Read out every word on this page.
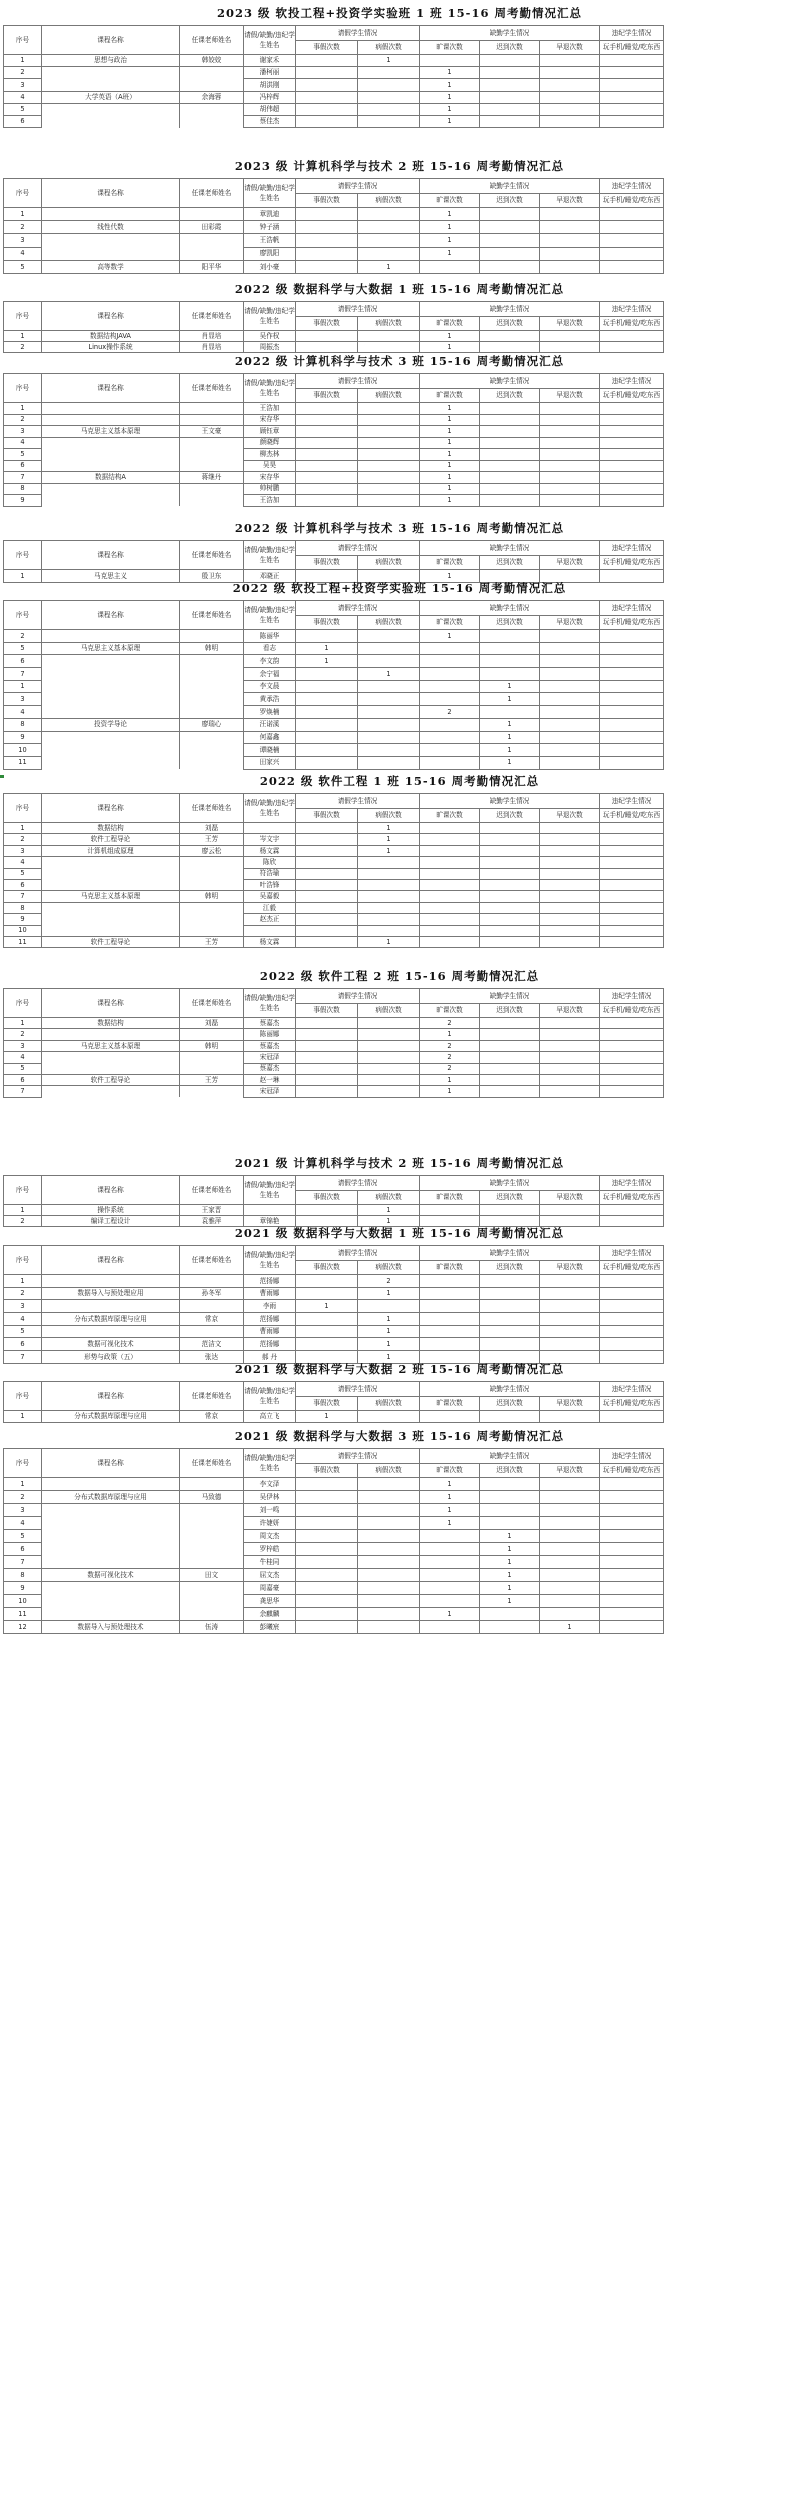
2023 级 软投工程+投资学实验班 1 班 15-16 周考勤情况汇总
序号	课程名称	任课老师姓名	请假/缺勤/违纪学生姓名	请假学生情况		缺勤学生情况			违纪学生情况
				事假次数	病假次数	旷课次数	迟到次数	早退次数	玩手机/睡觉/吃东西
1	思想与政治	韩姣姣	谢家禾		1				
2			潘柯丽			1			
3			胡洪刚			1			
4	大学英语（A班）	余海蓉	冯梓辉			1			
5			胡伟超			1			
6			蔡佳杰			1			
2023 级 计算机科学与技术 2 班 15-16 周考勤情况汇总
序号	课程名称	任课老师姓名	请假/缺勤/违纪学生姓名	请假学生情况		缺勤学生情况			违纪学生情况
				事假次数	病假次数	旷课次数	迟到次数	早退次数	玩手机/睡觉/吃东西
1			章凯迪			1			
2	线性代数	田彩霞	钟子涵			1			
3			王浩帆			1			
4			廖凯阳			1			
5	高等数学	阳平华	刘小豪		1				
2022 级 数据科学与大数据 1 班 15-16 周考勤情况汇总
序号	课程名称	任课老师姓名	请假/缺勤/违纪学生姓名	请假学生情况		缺勤学生情况			违纪学生情况
				事假次数	病假次数	旷课次数	迟到次数	早退次数	玩手机/睡觉/吃东西
1	数据结构JAVA	肖显培	吴作权			1			
2	Linux操作系统	肖显培	周振杰			1			
2022 级 计算机科学与技术 3 班 15-16 周考勤情况汇总
序号	课程名称	任课老师姓名	请假/缺勤/违纪学生姓名	请假学生情况		缺勤学生情况			违纪学生情况
				事假次数	病假次数	旷课次数	迟到次数	早退次数	玩手机/睡觉/吃东西
1			王浩加			1			
2			宋存华			1			
3	马克思主义基本原理	王文豪	顾钰章			1			
4			颜晓辉			1			
5			柳杰林			1			
6			吴昊			1			
7	数据结构A	蒋继丹	宋存华			1			
8			帅树鹏			1			
9			王浩加			1			
2022 级 计算机科学与技术 3 班 15-16 周考勤情况汇总
序号	课程名称	任课老师姓名	请假/缺勤/违纪学生姓名	请假学生情况		缺勤学生情况			违纪学生情况
				事假次数	病假次数	旷课次数	迟到次数	早退次数	玩手机/睡觉/吃东西
1	马克思主义	殷卫东	邓晓正			1			
2022 级 软投工程+投资学实验班 15-16 周考勤情况汇总
序号	课程名称	任课老师姓名	请假/缺勤/违纪学生姓名	请假学生情况		缺勤学生情况			违纪学生情况
				事假次数	病假次数	旷课次数	迟到次数	早退次数	玩手机/睡觉/吃东西
2			陈丽华			1			
5	马克思主义基本原理	韩明	看志	1					
6			李文韵	1					
7			余宁福		1				
1			李文晨				1		
3			黄承浩				1		
4			罗焕楠			2			
8	投资学导论	廖瑞心	汪诺溪				1		
9			何嘉鑫				1		
10			谭晓楠				1		
11			田家兴				1		
2022 级 软件工程 1 班 15-16 周考勤情况汇总
序号	课程名称	任课老师姓名	请假/缺勤/违纪学生姓名	请假学生情况		缺勤学生情况			违纪学生情况
				事假次数	病假次数	旷课次数	迟到次数	早退次数	玩手机/睡觉/吃东西
1	数据结构	刘磊			1				
2	软件工程导论	王芳	岑文宇		1				
3	计算机组成原理	廖云松	杨文霖		1				
4			陈欣						
5			符浩瑜						
6			叶浩锋						
7	马克思主义基本原理	韩明	吴嘉毅						
8			江毅						
9			赵杰正						
10									
11	软件工程导论	王芳	杨文霖		1				
2022 级 软件工程 2 班 15-16 周考勤情况汇总
序号	课程名称	任课老师姓名	请假/缺勤/违纪学生姓名	请假学生情况		缺勤学生情况			违纪学生情况
				事假次数	病假次数	旷课次数	迟到次数	早退次数	玩手机/睡觉/吃东西
1	数据结构	刘磊	蔡嘉杰			2			
2			陈丽娜			1			
3	马克思主义基本原理	韩明	蔡嘉杰			2			
4			宋冠泽			2			
5			蔡嘉杰			2			
6	软件工程导论	王芳	赵一琳			1			
7			宋冠泽			1			
2021 级 计算机科学与技术 2 班 15-16 周考勤情况汇总
序号	课程名称	任课老师姓名	请假/缺勤/违纪学生姓名	请假学生情况		缺勤学生情况			违纪学生情况
				事假次数	病假次数	旷课次数	迟到次数	早退次数	玩手机/睡觉/吃东西
1	操作系统	王家晋			1				
2	编译工程设计	袁雅萍	章锦艳		1				
2021 级 数据科学与大数据 1 班 15-16 周考勤情况汇总
序号	课程名称	任课老师姓名	请假/缺勤/违纪学生姓名	请假学生情况		缺勤学生情况			违纪学生情况
				事假次数	病假次数	旷课次数	迟到次数	早退次数	玩手机/睡觉/吃东西
1			范扬娜		2				
2	数据导入与预处理应用	孙冬军	曹雨娜		1				
3			李雨	1					
4	分布式数据库原理与应用	常京	范扬娜		1				
5			曹雨娜		1				
6	数据可视化技术	范洁文	范扬娜		1				
7	形势与政策（五）	张达	郝 丹		1				
2021 级 数据科学与大数据 2 班 15-16 周考勤情况汇总
序号	课程名称	任课老师姓名	请假/缺勤/违纪学生姓名	请假学生情况		缺勤学生情况			违纪学生情况
				事假次数	病假次数	旷课次数	迟到次数	早退次数	玩手机/睡觉/吃东西
1	分布式数据库原理与应用	常京	高立飞	1					
2021 级 数据科学与大数据 3 班 15-16 周考勤情况汇总
序号	课程名称	任课老师姓名	请假/缺勤/违纪学生姓名	请假学生情况		缺勤学生情况			违纪学生情况
				事假次数	病假次数	旷课次数	迟到次数	早退次数	玩手机/睡觉/吃东西
1			李文泽			1			
2	分布式数据库原理与应用	马致德	吴伊林			1			
3			刘一鸣			1			
4			许婕妍			1			
5			周文杰				1		
6			罗梓皓				1		
7			牛桂同				1		
8	数据可视化技术	田文	屈文杰				1		
9			周嘉豪				1		
10			龚思华				1		
11			余麒麟			1			
12	数据导入与预处理技术	伍涛	彭曦宸					1	
